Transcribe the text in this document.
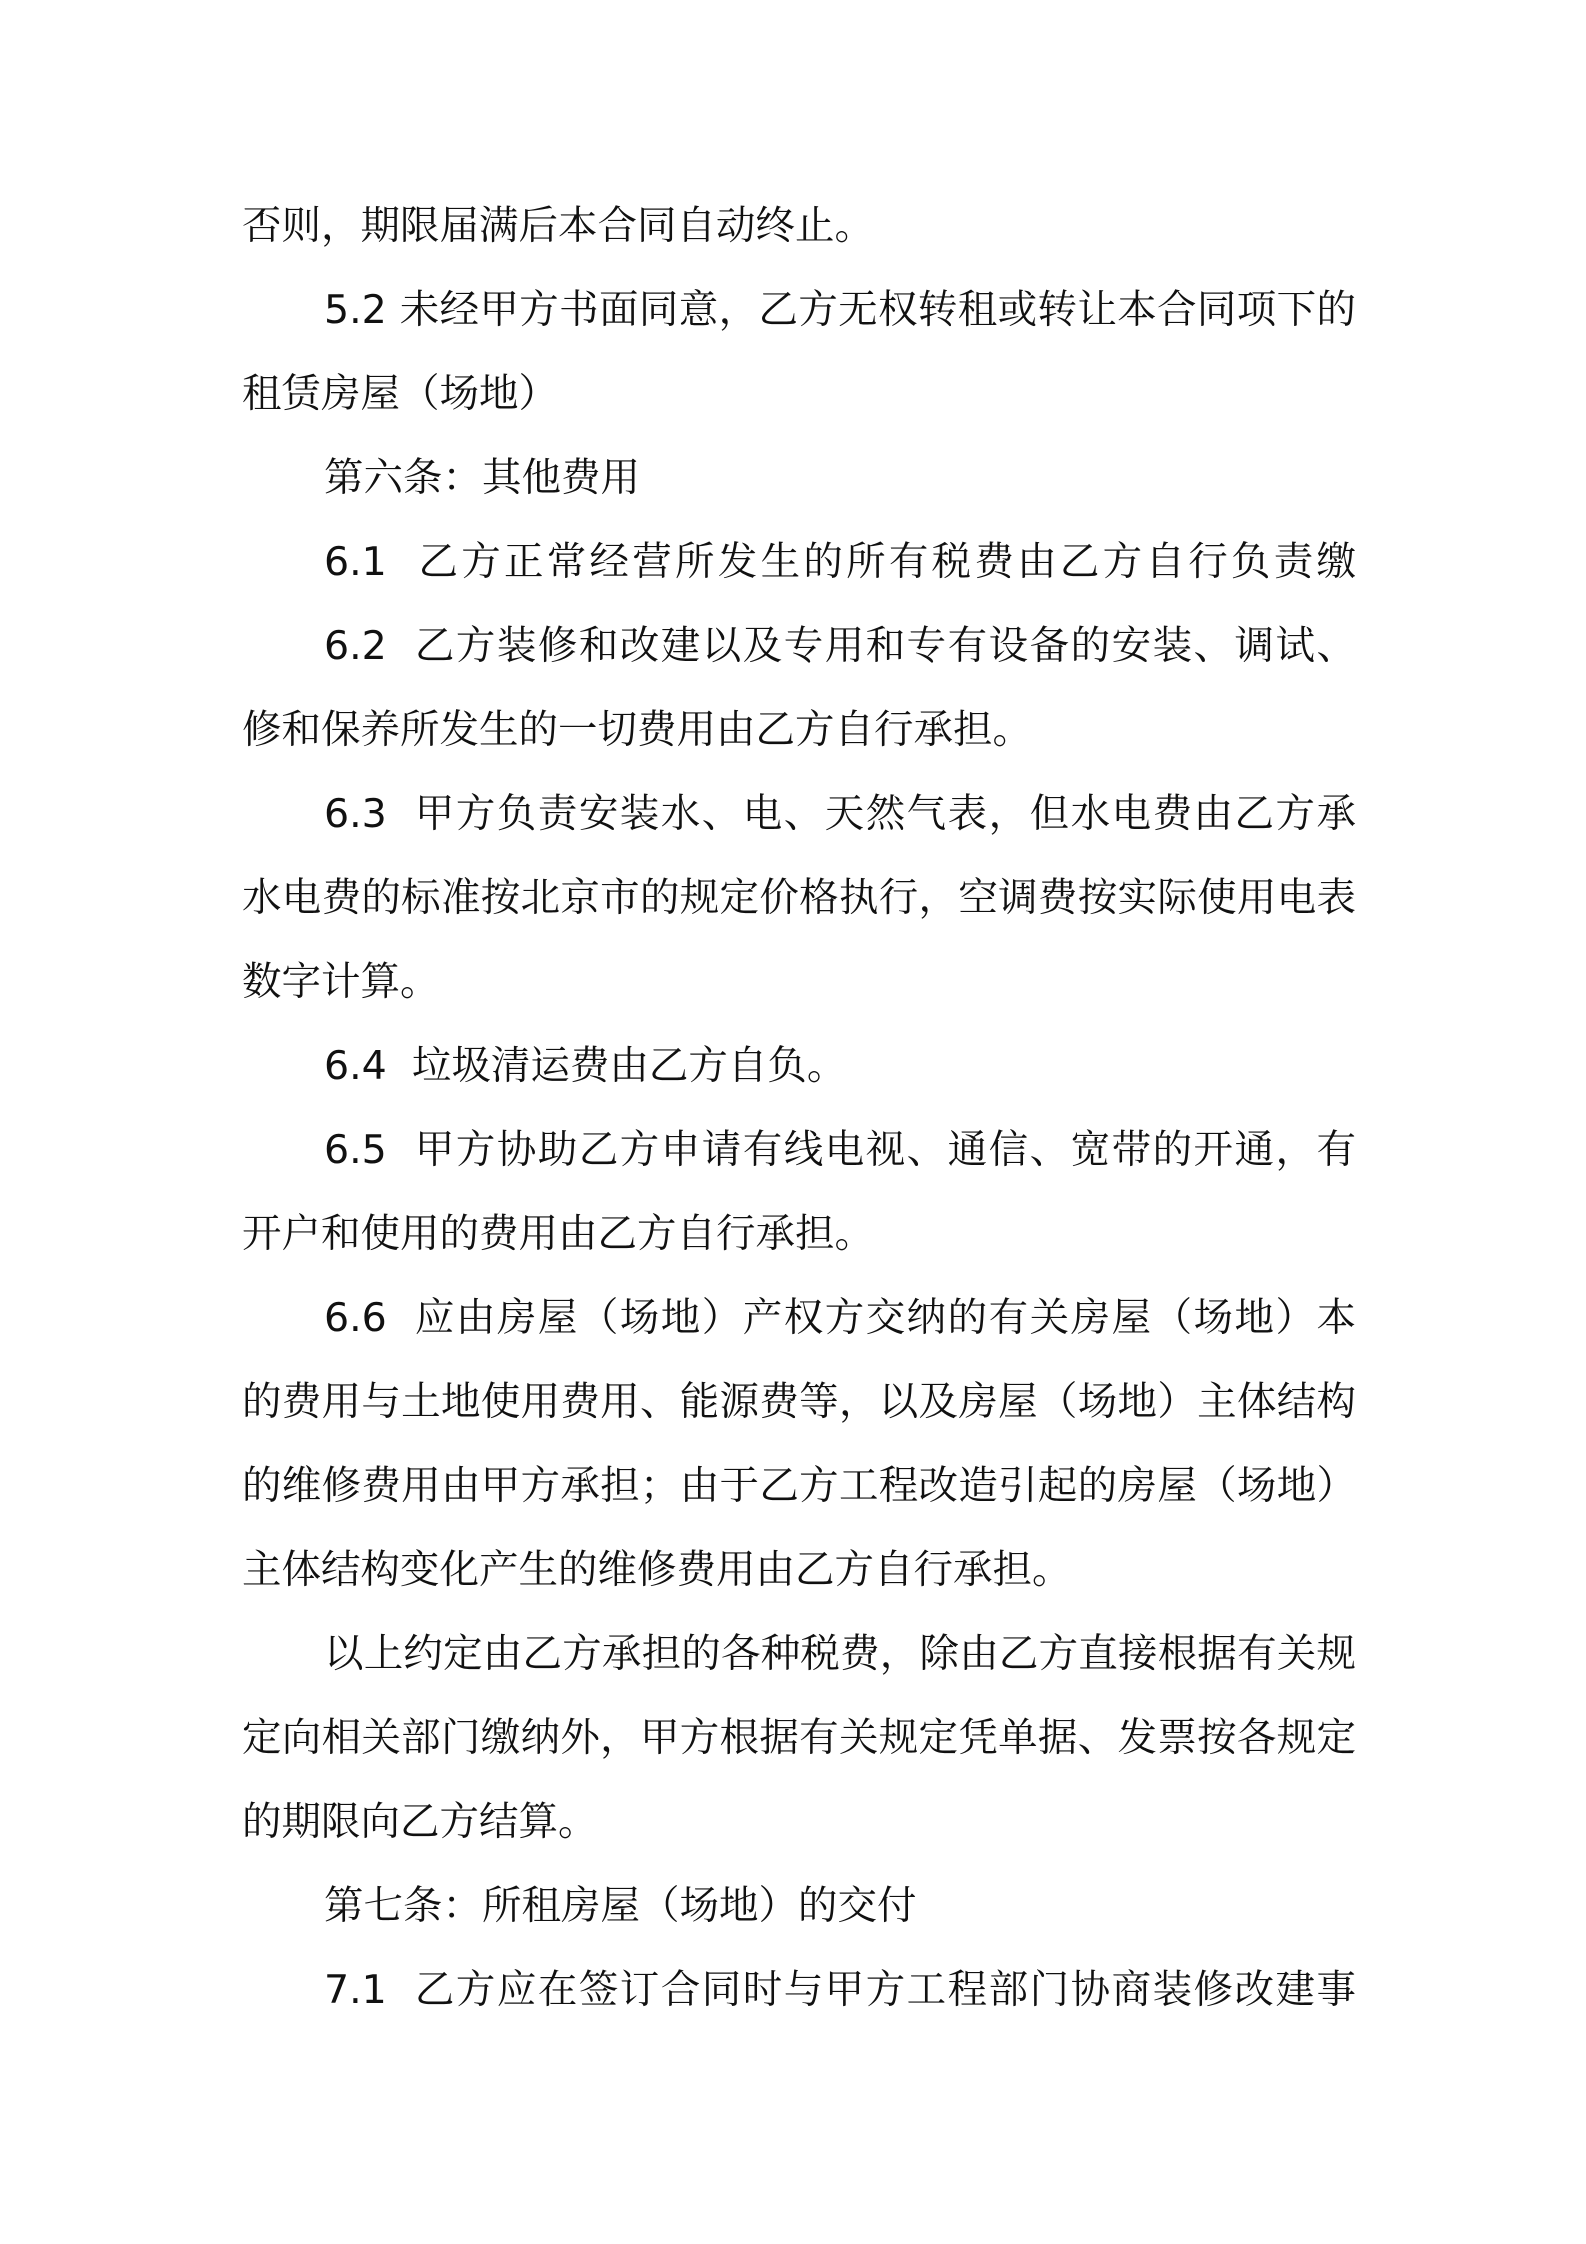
否则，期限届满后本合同自动终止。
5.2 未经甲方书面同意，乙方无权转租或转让本合同项下的
租赁房屋（场地）
第六条：其他费用
6.1  乙方正常经营所发生的所有税费由乙方自行负责缴
6.2  乙方装修和改建以及专用和专有设备的安装、调试、
修和保养所发生的一切费用由乙方自行承担。
6.3  甲方负责安装水、电、天然气表，但水电费由乙方承
水电费的标准按北京市的规定价格执行，空调费按实际使用电表
数字计算。
6.4  垃圾清运费由乙方自负。
6.5  甲方协助乙方申请有线电视、通信、宽带的开通，有
开户和使用的费用由乙方自行承担。
6.6  应由房屋（场地）产权方交纳的有关房屋（场地）本
的费用与土地使用费用、能源费等，以及房屋（场地）主体结构
的维修费用由甲方承担；由于乙方工程改造引起的房屋（场地）
主体结构变化产生的维修费用由乙方自行承担。
以上约定由乙方承担的各种税费，除由乙方直接根据有关规
定向相关部门缴纳外，甲方根据有关规定凭单据、发票按各规定
的期限向乙方结算。
第七条：所租房屋（场地）的交付
7.1  乙方应在签订合同时与甲方工程部门协商装修改建事
